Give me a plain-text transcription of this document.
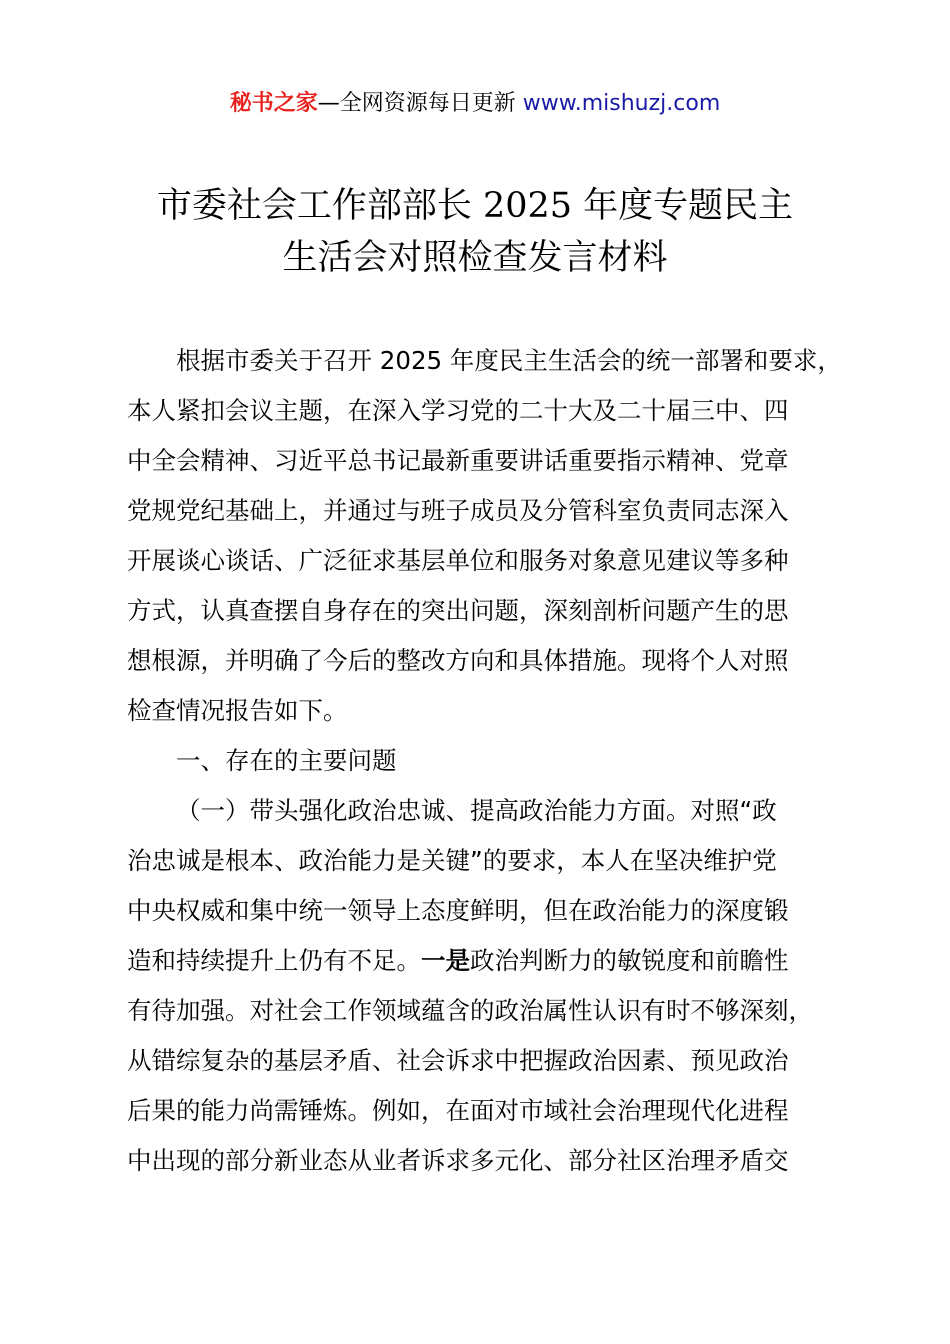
秘书之家—全网资源每日更新 www.mishuzj.com
市委社会工作部部长 2025 年度专题民主
生活会对照检查发言材料
根据市委关于召开 2025 年度民主生活会的统一部署和要求，
本人紧扣会议主题，在深入学习党的二十大及二十届三中、四
中全会精神、习近平总书记最新重要讲话重要指示精神、党章
党规党纪基础上，并通过与班子成员及分管科室负责同志深入
开展谈心谈话、广泛征求基层单位和服务对象意见建议等多种
方式，认真查摆自身存在的突出问题，深刻剖析问题产生的思
想根源，并明确了今后的整改方向和具体措施。现将个人对照
检查情况报告如下。
一、存在的主要问题
（一）带头强化政治忠诚、提高政治能力方面。对照“政
治忠诚是根本、政治能力是关键”的要求，本人在坚决维护党
中央权威和集中统一领导上态度鲜明，但在政治能力的深度锻
造和持续提升上仍有不足。一是政治判断力的敏锐度和前瞻性
有待加强。对社会工作领域蕴含的政治属性认识有时不够深刻，
从错综复杂的基层矛盾、社会诉求中把握政治因素、预见政治
后果的能力尚需锤炼。例如，在面对市域社会治理现代化进程
中出现的部分新业态从业者诉求多元化、部分社区治理矛盾交
